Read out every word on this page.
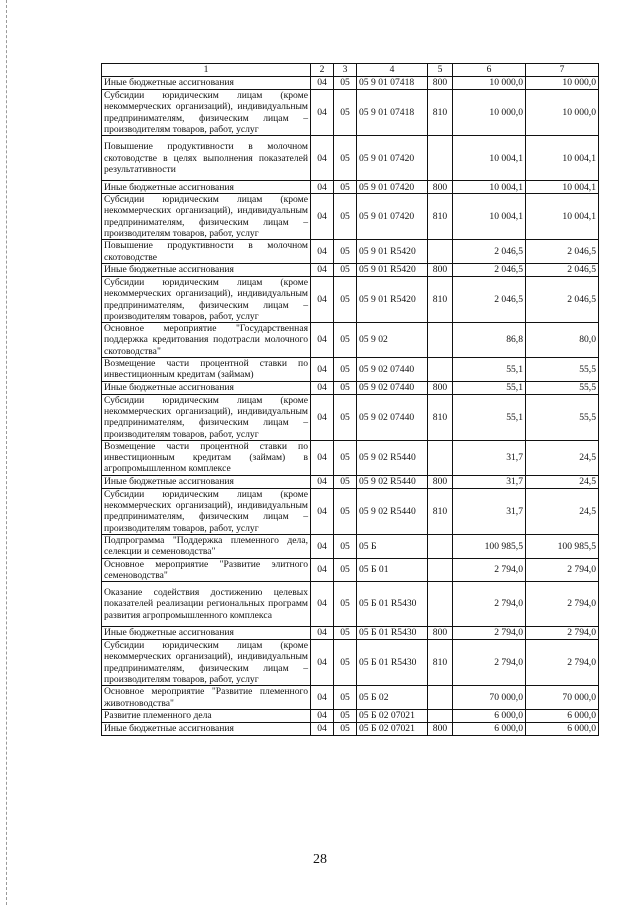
1	2	3	4	5	6	7
Иные бюджетные ассигнования	04	05	05 9 01 07418	800	10 000,0	10 000,0
Субсидии юридическим лицам (кроме некоммерческих организаций), индивидуальным предпринимателям, физическим лицам – производителям товаров, работ, услуг	04	05	05 9 01 07418	810	10 000,0	10 000,0
Повышение продуктивности в молочном скотоводстве в целях выполнения показателей результативности	04	05	05 9 01 07420		10 004,1	10 004,1
Иные бюджетные ассигнования	04	05	05 9 01 07420	800	10 004,1	10 004,1
Субсидии юридическим лицам (кроме некоммерческих организаций), индивидуальным предпринимателям, физическим лицам – производителям товаров, работ, услуг	04	05	05 9 01 07420	810	10 004,1	10 004,1
Повышение продуктивности в молочном скотоводстве	04	05	05 9 01 R5420		2 046,5	2 046,5
Иные бюджетные ассигнования	04	05	05 9 01 R5420	800	2 046,5	2 046,5
Субсидии юридическим лицам (кроме некоммерческих организаций), индивидуальным предпринимателям, физическим лицам – производителям товаров, работ, услуг	04	05	05 9 01 R5420	810	2 046,5	2 046,5
Основное мероприятие "Государственная поддержка кредитования подотрасли молочного скотоводства"	04	05	05 9 02		86,8	80,0
Возмещение части процентной ставки по инвестиционным кредитам (займам)	04	05	05 9 02 07440		55,1	55,5
Иные бюджетные ассигнования	04	05	05 9 02 07440	800	55,1	55,5
Субсидии юридическим лицам (кроме некоммерческих организаций), индивидуальным предпринимателям, физическим лицам – производителям товаров, работ, услуг	04	05	05 9 02 07440	810	55,1	55,5
Возмещение части процентной ставки по инвестиционным кредитам (займам) в агропромышленном комплексе	04	05	05 9 02 R5440		31,7	24,5
Иные бюджетные ассигнования	04	05	05 9 02 R5440	800	31,7	24,5
Субсидии юридическим лицам (кроме некоммерческих организаций), индивидуальным предпринимателям, физическим лицам – производителям товаров, работ, услуг	04	05	05 9 02 R5440	810	31,7	24,5
Подпрограмма "Поддержка племенного дела, селекции и семеноводства"	04	05	05 Б		100 985,5	100 985,5
Основное мероприятие "Развитие элитного семеноводства"	04	05	05 Б 01		2 794,0	2 794,0
Оказание содействия достижению целевых показателей реализации региональных программ развития агропромышленного комплекса	04	05	05 Б 01 R5430		2 794,0	2 794,0
Иные бюджетные ассигнования	04	05	05 Б 01 R5430	800	2 794,0	2 794,0
Субсидии юридическим лицам (кроме некоммерческих организаций), индивидуальным предпринимателям, физическим лицам – производителям товаров, работ, услуг	04	05	05 Б 01 R5430	810	2 794,0	2 794,0
Основное мероприятие "Развитие племенного животноводства"	04	05	05 Б 02		70 000,0	70 000,0
Развитие племенного дела	04	05	05 Б 02 07021		6 000,0	6 000,0
Иные бюджетные ассигнования	04	05	05 Б 02 07021	800	6 000,0	6 000,0
28
